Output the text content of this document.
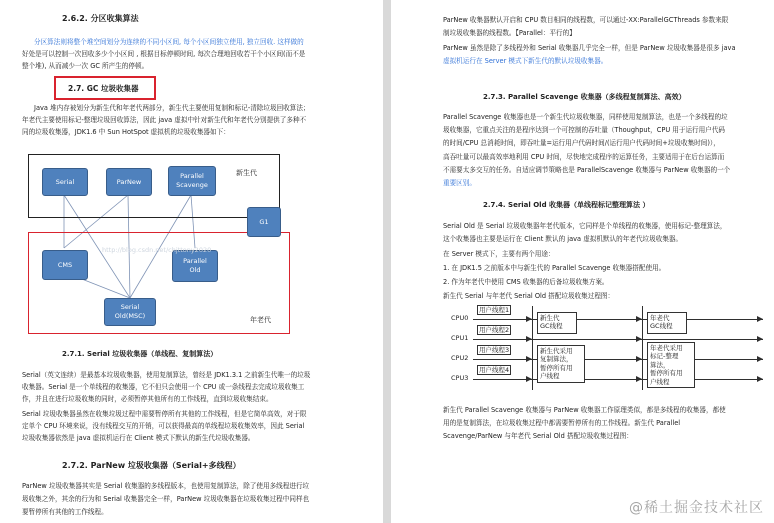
2.6.2. 分区收集算法
分区算法则将整个堆空间划分为连续的不同小区间, 每个小区间独立使用, 独立回收. 这样做的
好处是可以控制一次回收多少个小区间 , 根据目标停顿时间, 每次合理地回收若干个小区间(而不是
整个堆), 从而减少一次 GC 所产生的停顿。
2.7. GC 垃圾收集器
Java 堆内存被划分为新生代和年老代两部分，新生代主要使用复制和标记-清除垃圾回收算法；
年老代主要使用标记-整理垃圾回收算法，因此 java 虚拟中针对新生代和年老代分别提供了多种不
同的垃圾收集器，JDK1.6 中 Sun HotSpot 虚拟机的垃圾收集器如下：
Serial	ParNew
Parallel
Scavenge
G1
CMS	Parallel
Old
Serial
Old(MSC)
新生代
年老代
http://blog.csdn.net/chjttony2020
2.7.1. Serial 垃圾收集器（单线程、复制算法）
Serial（英文连续）是最基本垃圾收集器，使用复制算法，曾经是 JDK1.3.1 之前新生代唯一的垃圾
收集器。Serial 是一个单线程的收集器，它不但只会使用一个 CPU 或一条线程去完成垃圾收集工
作，并且在进行垃圾收集的同时，必须暂停其他所有的工作线程，直到垃圾收集结束。
Serial 垃圾收集器虽然在收集垃圾过程中需要暂停所有其他的工作线程，但是它简单高效，对于限
定单个 CPU 环境来说，没有线程交互的开销，可以获得最高的单线程垃圾收集效率，因此 Serial
垃圾收集器依然是 java 虚拟机运行在 Client 模式下默认的新生代垃圾收集器。
2.7.2. ParNew 垃圾收集器（Serial+多线程）
ParNew 垃圾收集器其实是 Serial 收集器的多线程版本，也使用复制算法，除了使用多线程进行垃
圾收集之外，其余的行为和 Serial 收集器完全一样，ParNew 垃圾收集器在垃圾收集过程中同样也
要暂停所有其他的工作线程。
ParNew 收集器默认开启和 CPU 数目相同的线程数，可以通过-XX:ParallelGCThreads 参数来限
制垃圾收集器的线程数。【Parallel：平行的】
ParNew 虽然是除了多线程外和 Serial 收集器几乎完全一样，但是 ParNew 垃圾收集器是很多 java
虚拟机运行在 Server 模式下新生代的默认垃圾收集器。
2.7.3. Parallel Scavenge 收集器（多线程复制算法、高效）
Parallel Scavenge 收集器也是一个新生代垃圾收集器，同样使用复制算法，也是一个多线程的垃
圾收集器，它重点关注的是程序达到一个可控制的吞吐量（Thoughput，CPU 用于运行用户代码
的时间/CPU 总消耗时间，即吞吐量=运行用户代码时间/(运行用户代码时间+垃圾收集时间)），
高吞吐量可以最高效率地利用 CPU 时间，尽快地完成程序的运算任务，主要适用于在后台运算而
不需要太多交互的任务。自适应调节策略也是 ParallelScavenge 收集器与 ParNew 收集器的一个
重要区别。
2.7.4. Serial Old 收集器（单线程标记整理算法 ）
Serial Old 是 Serial 垃圾收集器年老代版本，它同样是个单线程的收集器，使用标记-整理算法，
这个收集器也主要是运行在 Client 默认的 java 虚拟机默认的年老代垃圾收集器。
在 Server 模式下，主要有两个用途：
1. 在 JDK1.5 之前版本中与新生代的 Parallel Scavenge 收集器搭配使用。
2. 作为年老代中使用 CMS 收集器的后备垃圾收集方案。
新生代 Serial 与年老代 Serial Old 搭配垃圾收集过程图：
CPU0
CPU1
CPU2
CPU3
用户线程1
用户线程2
用户线程3
用户线程4
新生代
GC线程
新生代采用
复制算法，
暂停所有用
户线程
年老代
GC线程
年老代采用
标记-整理
算法，
暂停所有用
户线程
新生代 Parallel Scavenge 收集器与 ParNew 收集器工作原理类似，都是多线程的收集器，都使
用的是复制算法，在垃圾收集过程中都需要暂停所有的工作线程。新生代 Parallel
Scavenge/ParNew 与年老代 Serial Old 搭配垃圾收集过程图：
@稀土掘金技术社区
